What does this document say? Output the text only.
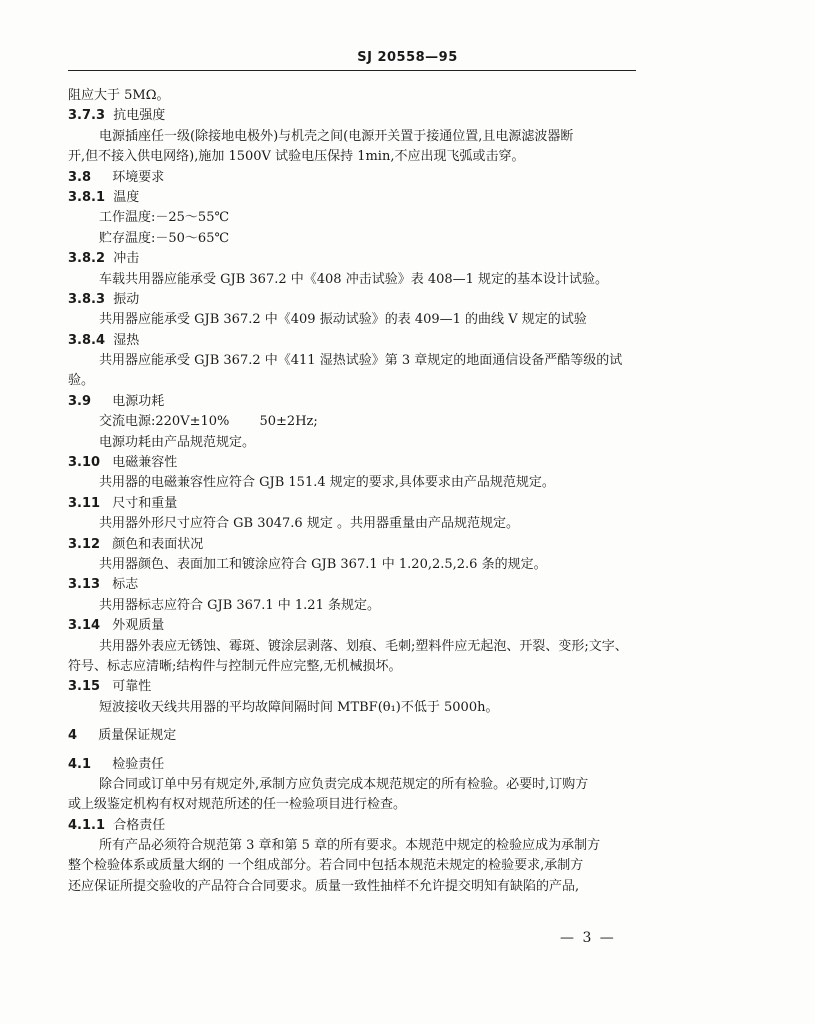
SJ 20558—95
阻应大于 5MΩ。
3.7.3 抗电强度
电源插座任一级(除接地电极外)与机壳之间(电源开关置于接通位置,且电源滤波器断
开,但不接入供电网络),施加 1500V 试验电压保持 1min,不应出现飞弧或击穿。
3.8 环境要求
3.8.1 温度
工作温度:－25～55℃
贮存温度:－50～65℃
3.8.2 冲击
车载共用器应能承受 GJB 367.2 中《408 冲击试验》表 408—1 规定的基本设计试验。
3.8.3 振动
共用器应能承受 GJB 367.2 中《409 振动试验》的表 409—1 的曲线 V 规定的试验
3.8.4 湿热
共用器应能承受 GJB 367.2 中《411 湿热试验》第 3 章规定的地面通信设备严酷等级的试
验。
3.9 电源功耗
交流电源:220V±10%　　 50±2Hz;
电源功耗由产品规范规定。
3.10 电磁兼容性
共用器的电磁兼容性应符合 GJB 151.4 规定的要求,具体要求由产品规范规定。
3.11 尺寸和重量
共用器外形尺寸应符合 GB 3047.6 规定 。共用器重量由产品规范规定。
3.12 颜色和表面状况
共用器颜色、表面加工和镀涂应符合 GJB 367.1 中 1.20,2.5,2.6 条的规定。
3.13 标志
共用器标志应符合 GJB 367.1 中 1.21 条规定。
3.14 外观质量
共用器外表应无锈蚀、霉斑、镀涂层剥落、划痕、毛刺;塑料件应无起泡、开裂、变形;文字、
符号、标志应清晰;结构件与控制元件应完整,无机械损坏。
3.15 可靠性
短波接收天线共用器的平均故障间隔时间 MTBF(θ₁)不低于 5000h。
4 质量保证规定
4.1 检验责任
除合同或订单中另有规定外,承制方应负责完成本规范规定的所有检验。必要时,订购方
或上级鉴定机构有权对规范所述的任一检验项目进行检查。
4.1.1 合格责任
所有产品必须符合规范第 3 章和第 5 章的所有要求。本规范中规定的检验应成为承制方
整个检验体系或质量大纲的 一个组成部分。若合同中包括本规范未规定的检验要求,承制方
还应保证所提交验收的产品符合合同要求。质量一致性抽样不允许提交明知有缺陷的产品,
— 3 —
